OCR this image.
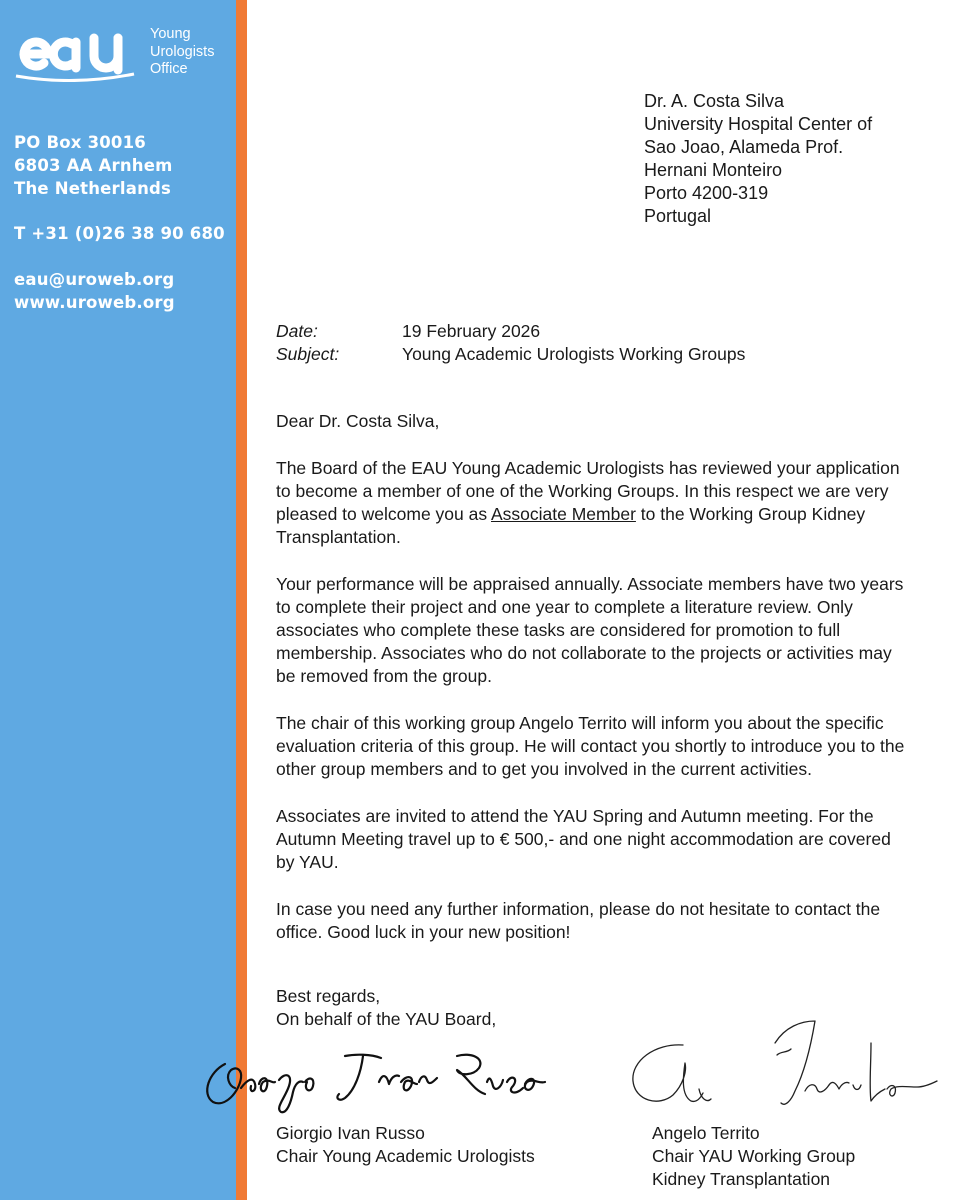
Young
Urologists
Office
PO Box 30016
6803 AA Arnhem
The Netherlands
T +31 (0)26 38 90 680
eau@uroweb.org
www.uroweb.org
Dr. A. Costa Silva
University Hospital Center of
Sao Joao, Alameda Prof.
Hernani Monteiro
Porto 4200-319
Portugal
Date:	19 February 2026
Subject:	Young Academic Urologists Working Groups

Dear Dr. Costa Silva,

The Board of the EAU Young Academic Urologists has reviewed your application to become a member of one of the Working Groups. In this respect we are very pleased to welcome you as Associate Member to the Working Group Kidney Transplantation.

Your performance will be appraised annually. Associate members have two years to complete their project and one year to complete a literature review. Only associates who complete these tasks are considered for promotion to full membership. Associates who do not collaborate to the projects or activities may be removed from the group.

The chair of this working group Angelo Territo will inform you about the specific evaluation criteria of this group. He will contact you shortly to introduce you to the other group members and to get you involved in the current activities.

Associates are invited to attend the YAU Spring and Autumn meeting. For the Autumn Meeting travel up to € 500,- and one night accommodation are covered by YAU.

In case you need any further information, please do not hesitate to contact the office. Good luck in your new position!

Best regards,
On behalf of the YAU Board,
Giorgio Ivan Russo
Chair Young Academic Urologists
Angelo Territo
Chair YAU Working Group
Kidney Transplantation
